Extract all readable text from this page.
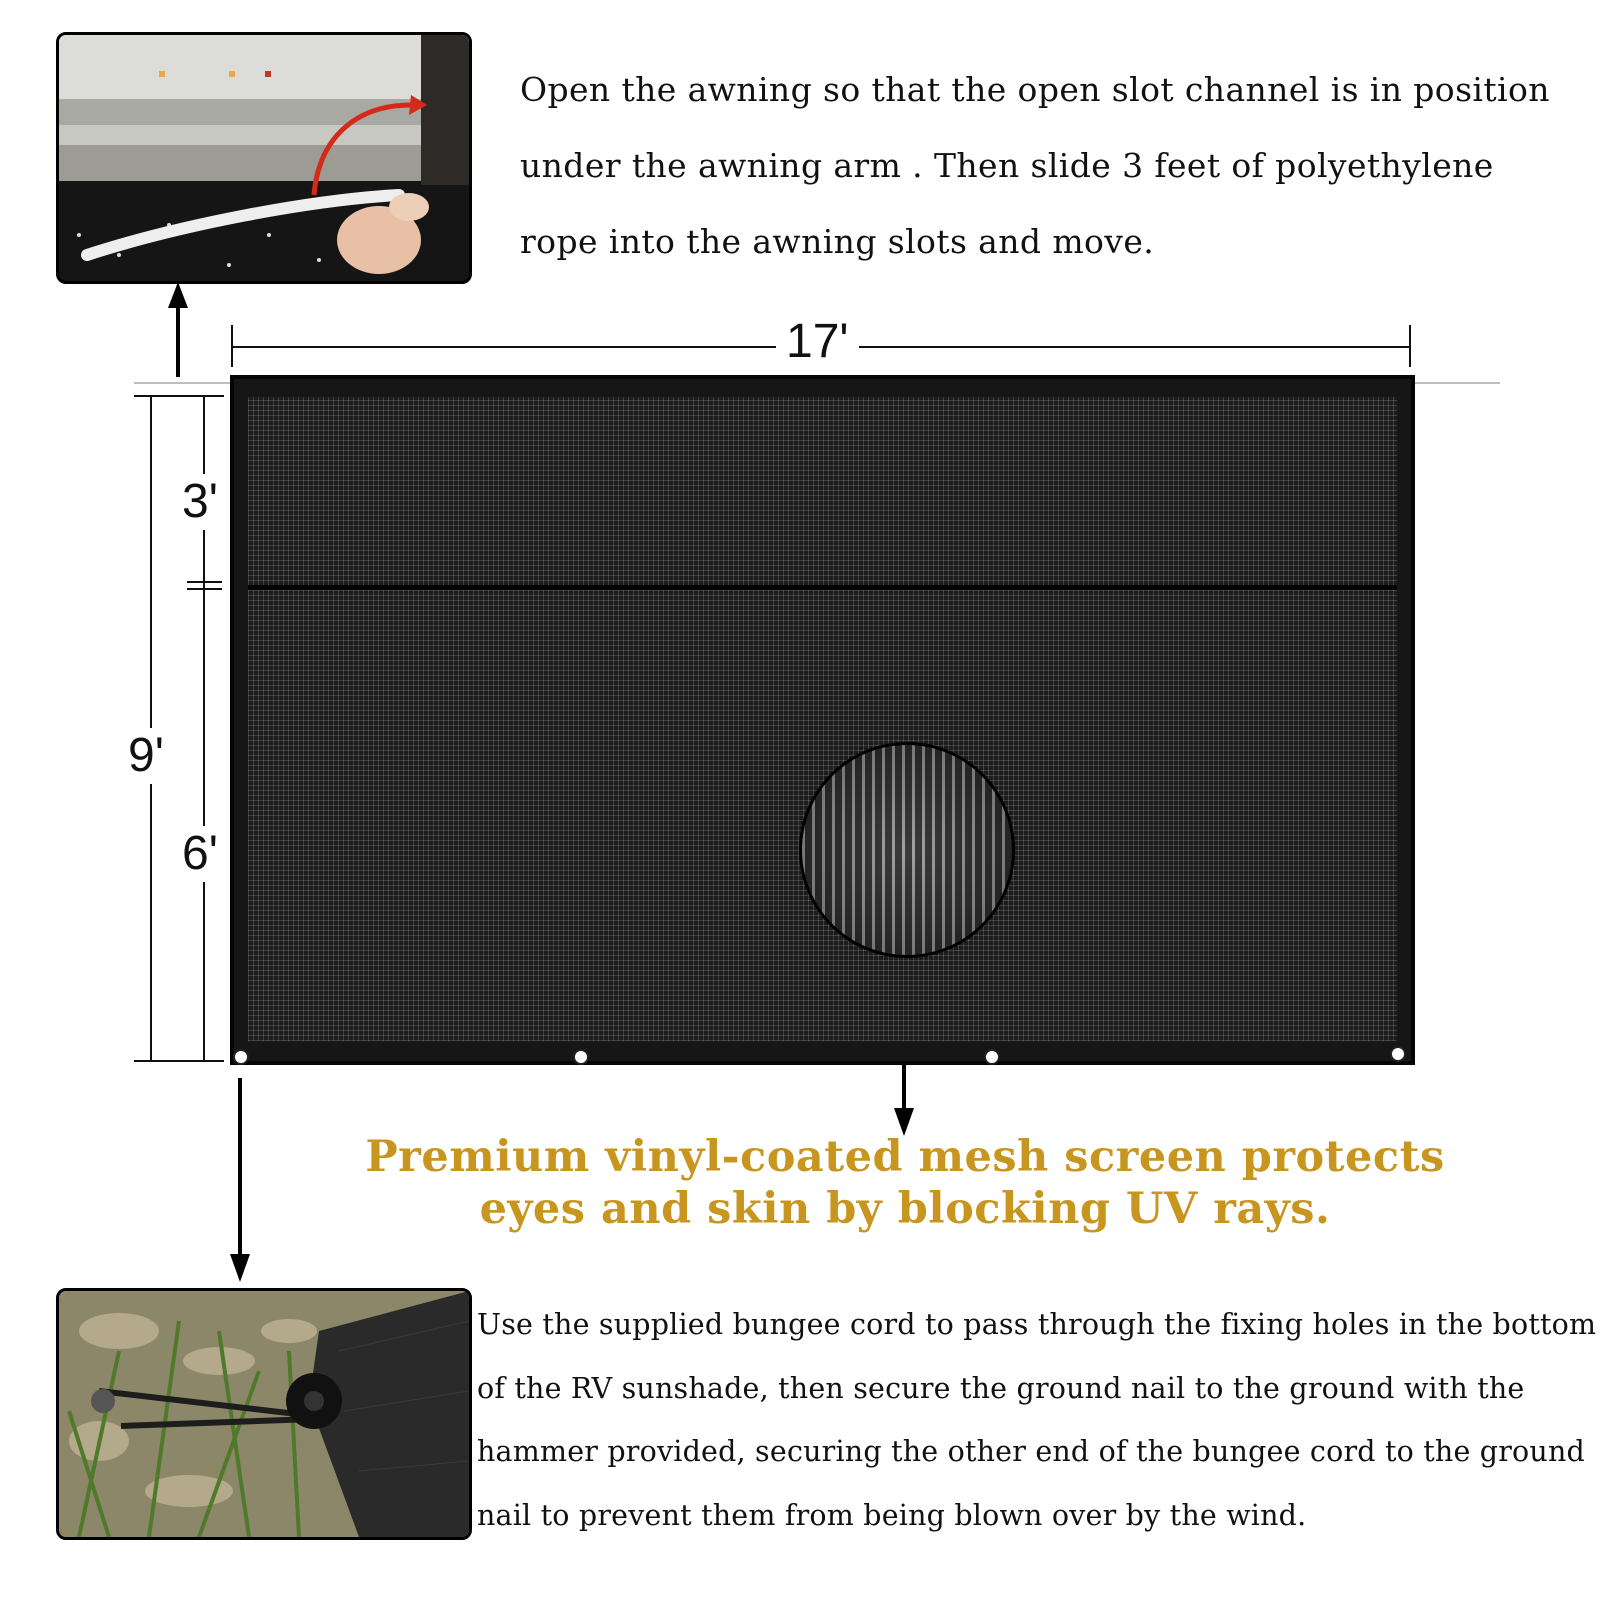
Open the awning so that the open slot channel is in position under the awning arm . Then slide 3 feet of polyethylene rope into the awning slots and move.

Use the supplied bungee cord to pass through the fixing holes in the bottom of the RV sunshade, then secure the ground nail to the ground with the hammer provided, securing the other end of the bungee cord to the ground nail to prevent them from being blown over by the wind.

17'
3'
9'
6'
Premium vinyl-coated mesh screen protects
eyes and skin by blocking UV rays.
